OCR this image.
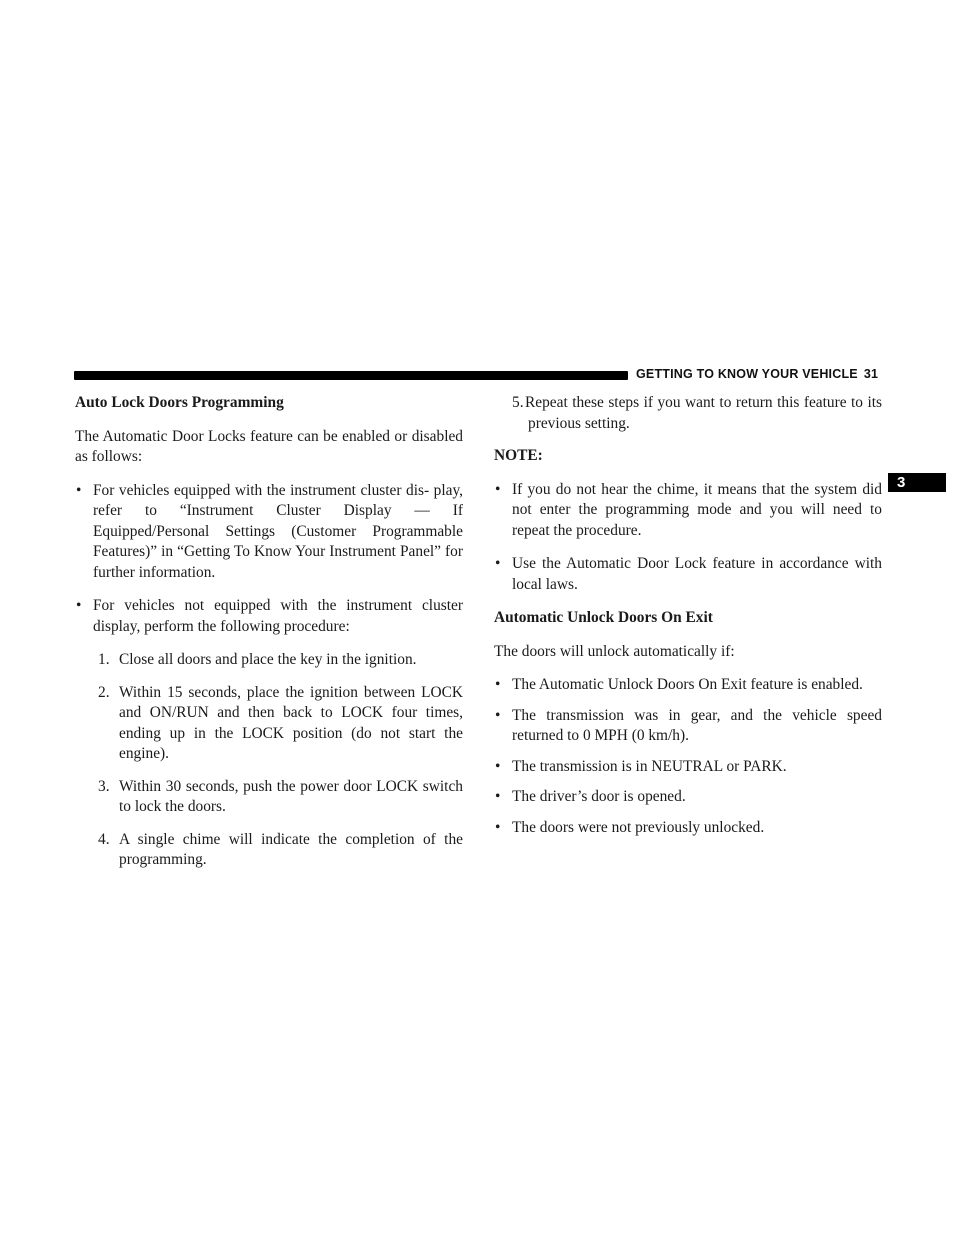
GETTING TO KNOW YOUR VEHICLE 31
3
Auto Lock Doors Programming

The Automatic Door Locks feature can be enabled or disabled as follows:

• For vehicles equipped with the instrument cluster dis- play, refer to “Instrument Cluster Display — If Equipped/Personal Settings (Customer Programmable Features)” in “Getting To Know Your Instrument Panel” for further information.
• For vehicles not equipped with the instrument cluster display, perform the following procedure:
1. Close all doors and place the key in the ignition.
2. Within 15 seconds, place the ignition between LOCK and ON/RUN and then back to LOCK four times, ending up in the LOCK position (do not start the engine).
3. Within 30 seconds, push the power door LOCK switch to lock the doors.
4. A single chime will indicate the completion of the programming.
5. Repeat these steps if you want to return this feature to its previous setting.
NOTE:
• If you do not hear the chime, it means that the system did not enter the programming mode and you will need to repeat the procedure.
• Use the Automatic Door Lock feature in accordance with local laws.
Automatic Unlock Doors On Exit

The doors will unlock automatically if:

• The Automatic Unlock Doors On Exit feature is enabled.
• The transmission was in gear, and the vehicle speed returned to 0 MPH (0 km/h).
• The transmission is in NEUTRAL or PARK.
• The driver’s door is opened.
• The doors were not previously unlocked.
